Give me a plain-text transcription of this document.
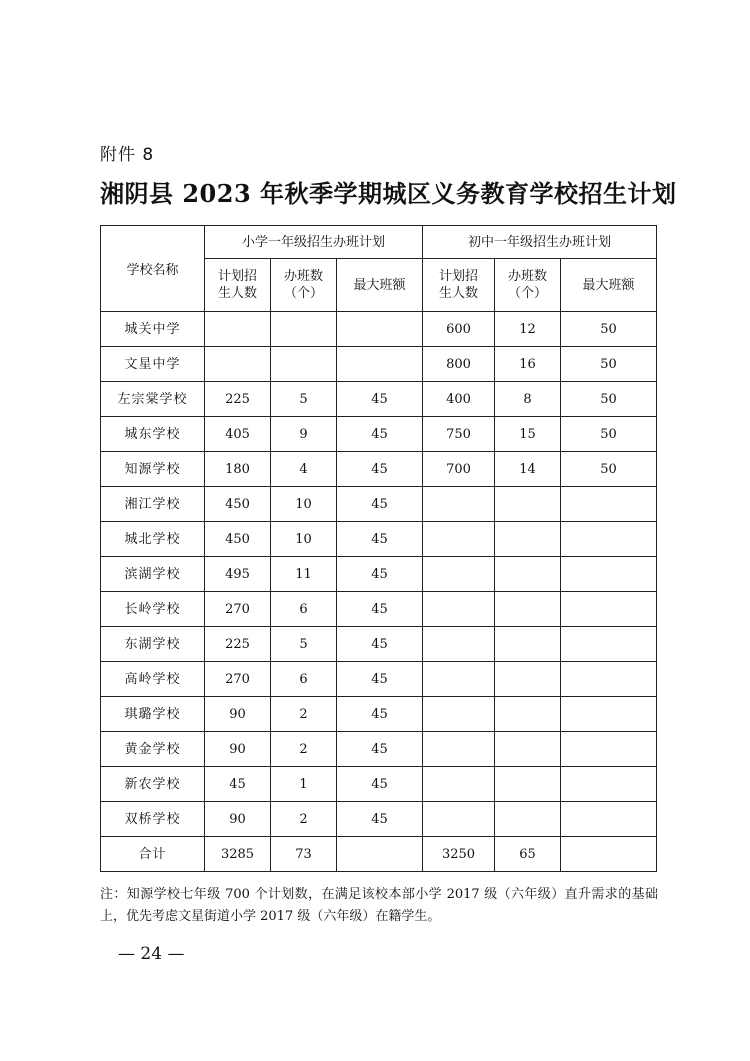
附件 8
湘阴县 2023 年秋季学期城区义务教育学校招生计划
学校名称	小学一年级招生办班计划			初中一年级招生办班计划		
	计划招生人数	办班数（个）	最大班额	计划招生人数	办班数（个）	最大班额
城关中学				600	12	50
文星中学				800	16	50
左宗棠学校	225	5	45	400	8	50
城东学校	405	9	45	750	15	50
知源学校	180	4	45	700	14	50
湘江学校	450	10	45			
城北学校	450	10	45			
滨湖学校	495	11	45			
长岭学校	270	6	45			
东湖学校	225	5	45			
高岭学校	270	6	45			
琪璐学校	90	2	45			
黄金学校	90	2	45			
新农学校	45	1	45			
双桥学校	90	2	45			
合计	3285	73		3250	65	
注：知源学校七年级 700 个计划数，在满足该校本部小学 2017 级（六年级）直升需求的基础上，优先考虑文星街道小学 2017 级（六年级）在籍学生。
— 24 —
